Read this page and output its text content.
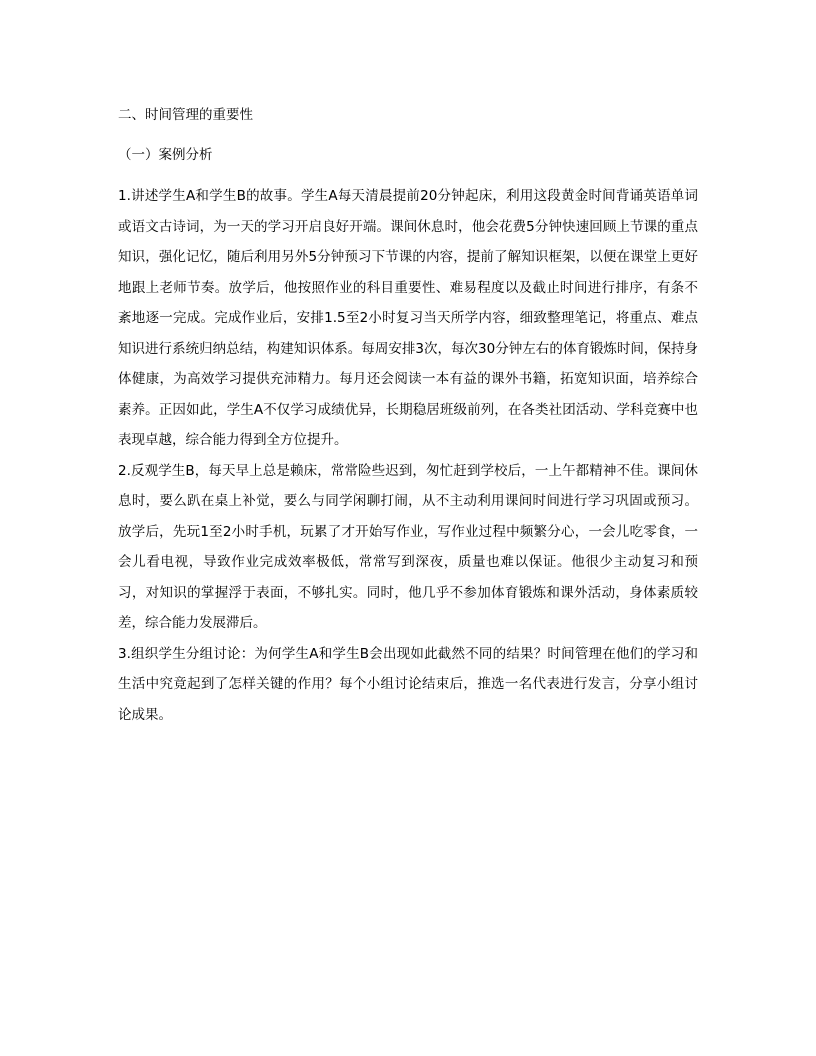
二、时间管理的重要性

（一）案例分析

1.讲述学生A和学生B的故事。学生A每天清晨提前20分钟起床，利用这段黄金时间背诵英语单词或语文古诗词，为一天的学习开启良好开端。课间休息时，他会花费5分钟快速回顾上节课的重点知识，强化记忆，随后利用另外5分钟预习下节课的内容，提前了解知识框架，以便在课堂上更好地跟上老师节奏。放学后，他按照作业的科目重要性、难易程度以及截止时间进行排序，有条不紊地逐一完成。完成作业后，安排1.5至2小时复习当天所学内容，细致整理笔记，将重点、难点知识进行系统归纳总结，构建知识体系。每周安排3次，每次30分钟左右的体育锻炼时间，保持身体健康，为高效学习提供充沛精力。每月还会阅读一本有益的课外书籍，拓宽知识面，培养综合素养。正因如此，学生A不仅学习成绩优异，长期稳居班级前列，在各类社团活动、学科竞赛中也表现卓越，综合能力得到全方位提升。

2.反观学生B，每天早上总是赖床，常常险些迟到，匆忙赶到学校后，一上午都精神不佳。课间休息时，要么趴在桌上补觉，要么与同学闲聊打闹，从不主动利用课间时间进行学习巩固或预习。放学后，先玩1至2小时手机，玩累了才开始写作业，写作业过程中频繁分心，一会儿吃零食，一会儿看电视，导致作业完成效率极低，常常写到深夜，质量也难以保证。他很少主动复习和预习，对知识的掌握浮于表面，不够扎实。同时，他几乎不参加体育锻炼和课外活动，身体素质较差，综合能力发展滞后。

3.组织学生分组讨论：为何学生A和学生B会出现如此截然不同的结果？时间管理在他们的学习和生活中究竟起到了怎样关键的作用？每个小组讨论结束后，推选一名代表进行发言，分享小组讨论成果。
